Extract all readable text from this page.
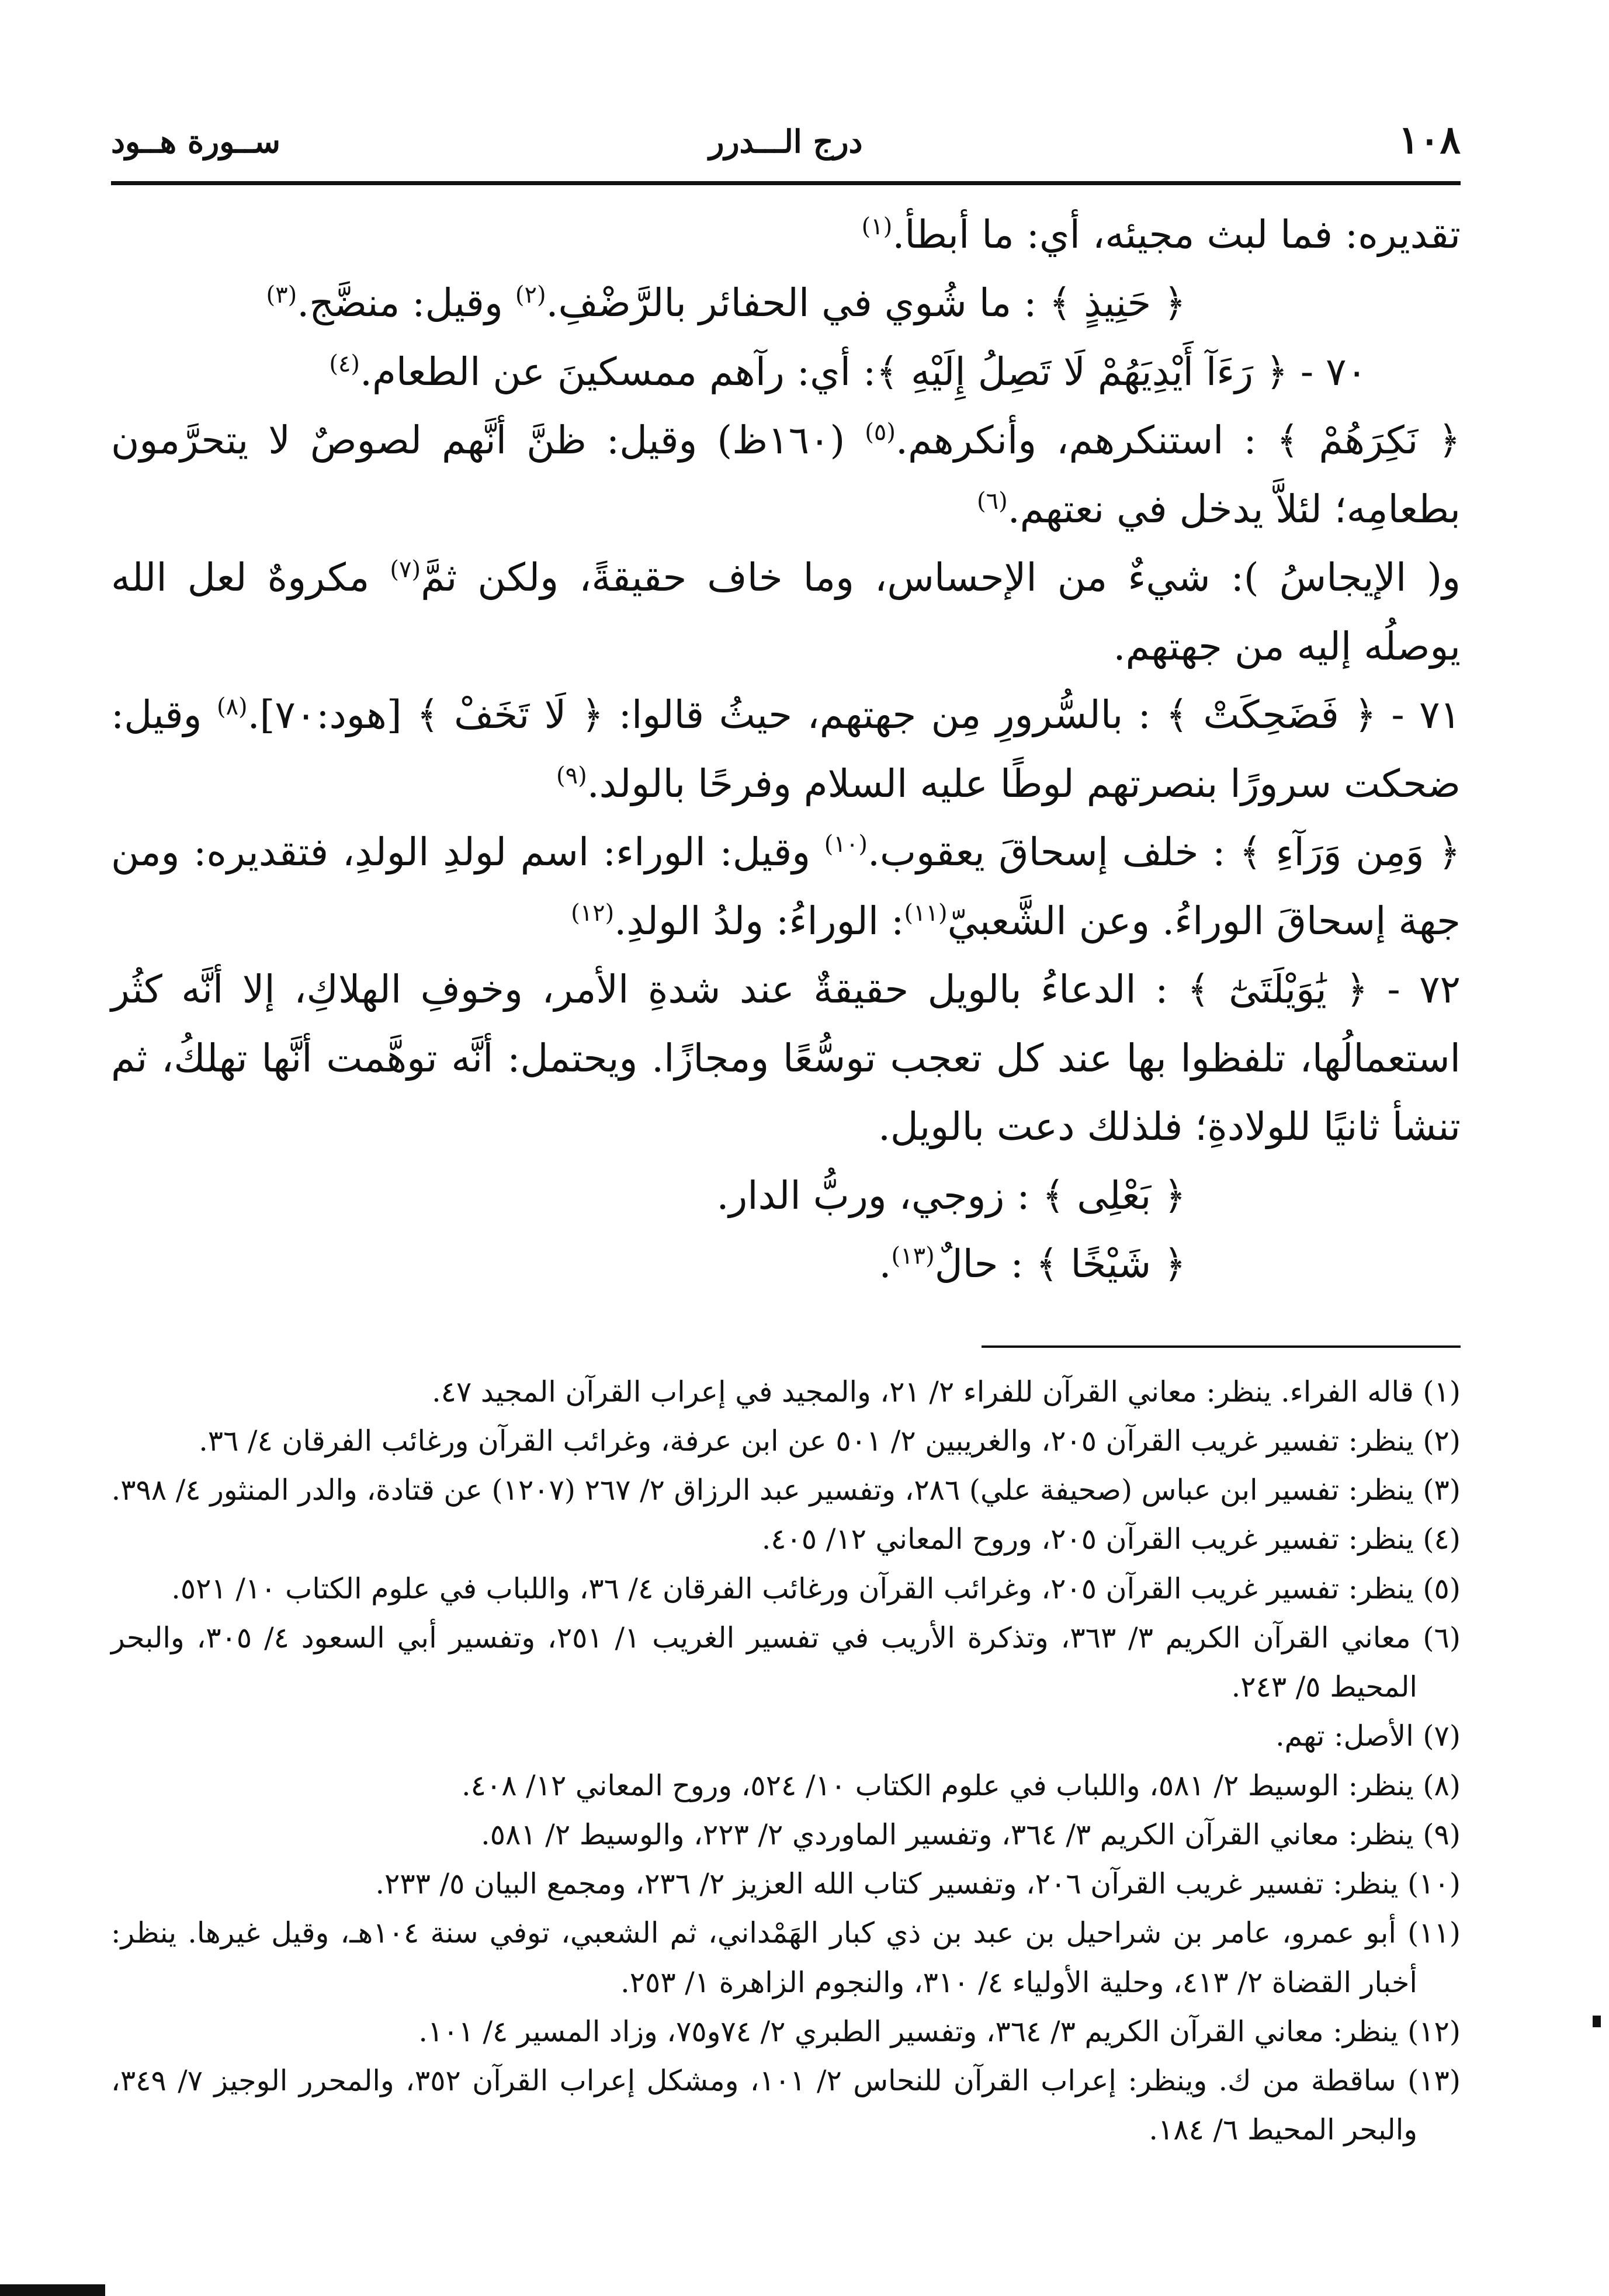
١٠٨
درج الـــدرر
ســورة هــود

تقديره: فما لبث مجيئه، أي: ما أبطأ.$^{(١)}$

﴿ حَنِيذٍ ﴾ : ما شُوي في الحفائر بالرَّضْفِ.$^{(٢)}$ وقيل: منضَّج.$^{(٣)}$

٧٠ - ﴿ رَءَآ أَيْدِيَهُمْ لَا تَصِلُ إِلَيْهِ ﴾: أي: رآهم ممسكينَ عن الطعام.$^{(٤)}$

﴿ نَكِرَهُمْ ﴾ : استنكرهم، وأنكرهم.$^{(٥)}$ (١٦٠ظ) وقيل: ظنَّ أنَّهم لصوصٌ لا يتحرَّمون بطعامِه؛ لئلاَّ يدخل في نعتهم.$^{(٦)}$

و( الإيجاسُ ): شيءٌ من الإحساس، وما خاف حقيقةً، ولكن ثمَّ$^{(٧)}$ مكروهٌ لعل الله يوصلُه إليه من جهتهم.

٧١ - ﴿ فَضَحِكَتْ ﴾ : بالسُّرورِ مِن جهتهم، حيثُ قالوا: ﴿ لَا تَخَفْ ﴾ [هود:٧٠].$^{(٨)}$ وقيل: ضحكت سرورًا بنصرتهم لوطًا عليه السلام وفرحًا بالولد.$^{(٩)}$

﴿ وَمِن وَرَآءِ ﴾ : خلف إسحاقَ يعقوب.$^{(١٠)}$ وقيل: الوراء: اسم لولدِ الولدِ، فتقديره: ومن جهة إسحاقَ الوراءُ. وعن الشَّعبيّ$^{(١١)}$: الوراءُ: ولدُ الولدِ.$^{(١٢)}$

٧٢ - ﴿ يَٰوَيْلَتَىٰٓ ﴾ : الدعاءُ بالويل حقيقةٌ عند شدةِ الأمر، وخوفِ الهلاكِ، إلا أنَّه كثُر استعمالُها، تلفظوا بها عند كل تعجب توسُّعًا ومجازًا. ويحتمل: أنَّه توهَّمت أنَّها تهلكُ، ثم تنشأ ثانيًا للولادةِ؛ فلذلك دعت بالويل.

﴿ بَعْلِى ﴾ : زوجي، وربُّ الدار.

﴿ شَيْخًا ﴾ : حالٌ$^{(١٣)}$.

(١) قاله الفراء. ينظر: معاني القرآن للفراء ٢/ ٢١، والمجيد في إعراب القرآن المجيد ٤٧.

(٢) ينظر: تفسير غريب القرآن ٢٠٥، والغريبين ٢/ ٥٠١ عن ابن عرفة، وغرائب القرآن ورغائب الفرقان ٤/ ٣٦.

(٣) ينظر: تفسير ابن عباس (صحيفة علي) ٢٨٦، وتفسير عبد الرزاق ٢/ ٢٦٧ (١٢٠٧) عن قتادة، والدر المنثور ٤/ ٣٩٨.

(٤) ينظر: تفسير غريب القرآن ٢٠٥، وروح المعاني ١٢/ ٤٠٥.

(٥) ينظر: تفسير غريب القرآن ٢٠٥، وغرائب القرآن ورغائب الفرقان ٤/ ٣٦، واللباب في علوم الكتاب ١٠/ ٥٢١.

(٦) معاني القرآن الكريم ٣/ ٣٦٣، وتذكرة الأريب في تفسير الغريب ١/ ٢٥١، وتفسير أبي السعود ٤/ ٣٠٥، والبحر المحيط ٥/ ٢٤٣.

(٧) الأصل: تهم.

(٨) ينظر: الوسيط ٢/ ٥٨١، واللباب في علوم الكتاب ١٠/ ٥٢٤، وروح المعاني ١٢/ ٤٠٨.

(٩) ينظر: معاني القرآن الكريم ٣/ ٣٦٤، وتفسير الماوردي ٢/ ٢٢٣، والوسيط ٢/ ٥٨١.

(١٠) ينظر: تفسير غريب القرآن ٢٠٦، وتفسير كتاب الله العزيز ٢/ ٢٣٦، ومجمع البيان ٥/ ٢٣٣.

(١١) أبو عمرو، عامر بن شراحيل بن عبد بن ذي كبار الهَمْداني، ثم الشعبي، توفي سنة ١٠٤هـ، وقيل غيرها. ينظر: أخبار القضاة ٢/ ٤١٣، وحلية الأولياء ٤/ ٣١٠، والنجوم الزاهرة ١/ ٢٥٣.

(١٢) ينظر: معاني القرآن الكريم ٣/ ٣٦٤، وتفسير الطبري ٢/ ٧٤و٧٥، وزاد المسير ٤/ ١٠١.

(١٣) ساقطة من ك. وينظر: إعراب القرآن للنحاس ٢/ ١٠١، ومشكل إعراب القرآن ٣٥٢، والمحرر الوجيز ٧/ ٣٤٩، والبحر المحيط ٦/ ١٨٤.
